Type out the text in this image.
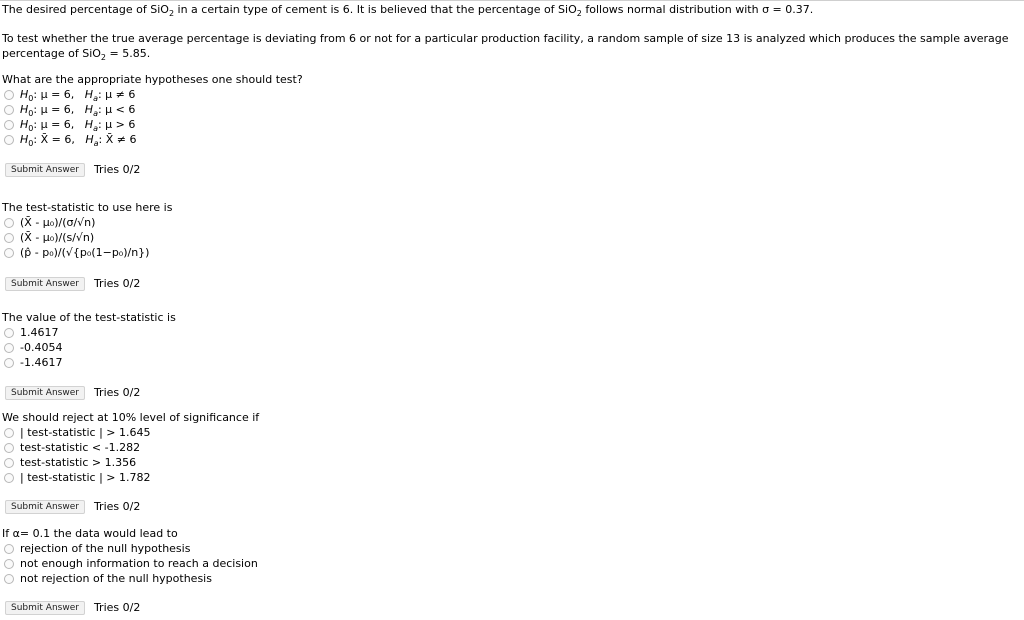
The desired percentage of SiO$_2$ in a certain type of cement is 6. It is believed that the percentage of SiO$_2$ follows normal distribution with σ = 0.37.
To test whether the true average percentage is deviating from 6 or not for a particular production facility, a random sample of size 13 is analyzed which produces the sample average percentage of SiO$_2$ = 5.85.
What are the appropriate hypotheses one should test?
$H_0$: μ = 6, $H_a$: μ ≠ 6
$H_0$: μ = 6, $H_a$: μ < 6
$H_0$: μ = 6, $H_a$: μ > 6
$H_0$: X̄ = 6, $H_a$: X̄ ≠ 6
Submit Answer	Tries 0/2
The test-statistic to use here is
(X̄ - μ₀)/(σ/√n)
(X̄ - μ₀)/(s/√n)
(p̂ - p₀)/(√{p₀(1−p₀)/n})
Submit Answer	Tries 0/2
The value of the test-statistic is
1.4617
-0.4054
-1.4617
Submit Answer	Tries 0/2
We should reject at 10% level of significance if
| test-statistic | > 1.645
test-statistic < -1.282
test-statistic > 1.356
| test-statistic | > 1.782
Submit Answer	Tries 0/2
If α= 0.1 the data would lead to
rejection of the null hypothesis
not enough information to reach a decision
not rejection of the null hypothesis
Submit Answer	Tries 0/2
